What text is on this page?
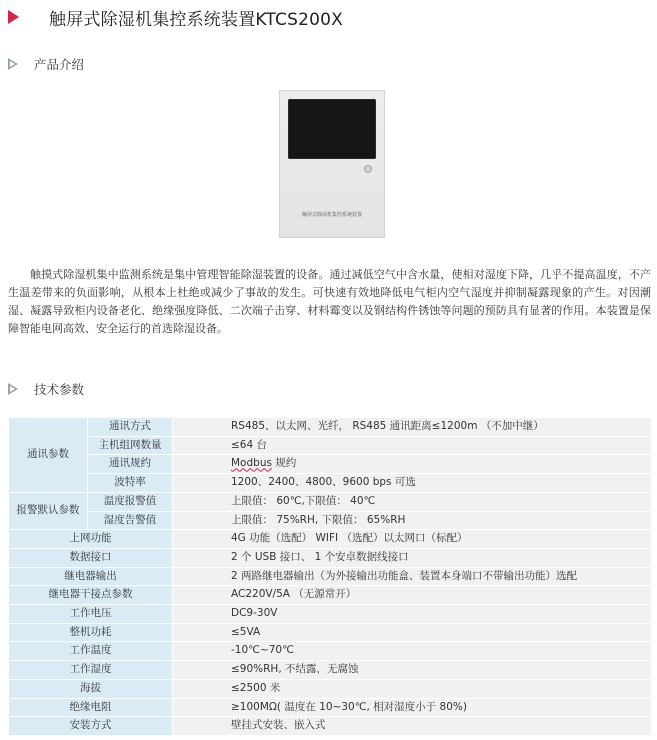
触屏式除湿机集控系统装置KTCS200X
产品介绍
触屏式除湿机集控系统装置

触摸式除湿机集中监测系统是集中管理智能除湿装置的设备。通过减低空气中含水量，使相对湿度下降，几乎不提高温度，不产生温差带来的负面影响，从根本上杜绝或减少了事故的发生。可快速有效地降低电气柜内空气湿度并抑制凝露现象的产生。对因潮湿、凝露导致柜内设备老化、绝缘强度降低、二次端子击穿、材料霉变以及钢结构件锈蚀等问题的预防具有显著的作用。本装置是保障智能电网高效、安全运行的首选除湿设备。

技术参数
通讯参数	通讯方式	RS485、以太网、光纤， RS485 通讯距离≤1200m （不加中继）
	主机组网数量	≤64 台
	通讯规约	Modbus 规约
	波特率	1200、2400、4800、9600 bps 可选
报警默认参数	温度报警值	上限值： 60℃,下限值： 40℃
	湿度告警值	上限值： 75%RH, 下限值： 65%RH
上网功能		4G 功能（选配） WIFI （选配）以太网口（标配）
数据接口		2 个 USB 接口、 1 个安卓数据线接口
继电器输出		2 两路继电器输出（为外接输出功能盒、装置本身端口不带输出功能）选配
继电器干接点参数		AC220V/5A （无源常开）
工作电压		DC9-30V
整机功耗		≤5VA
工作温度		-10℃~70℃
工作湿度		≤90%RH, 不结露，无腐蚀
海拔		≤2500 米
绝缘电阻		≥100MΩ( 温度在 10~30℃, 相对湿度小于 80%)
安装方式		壁挂式安装、嵌入式
